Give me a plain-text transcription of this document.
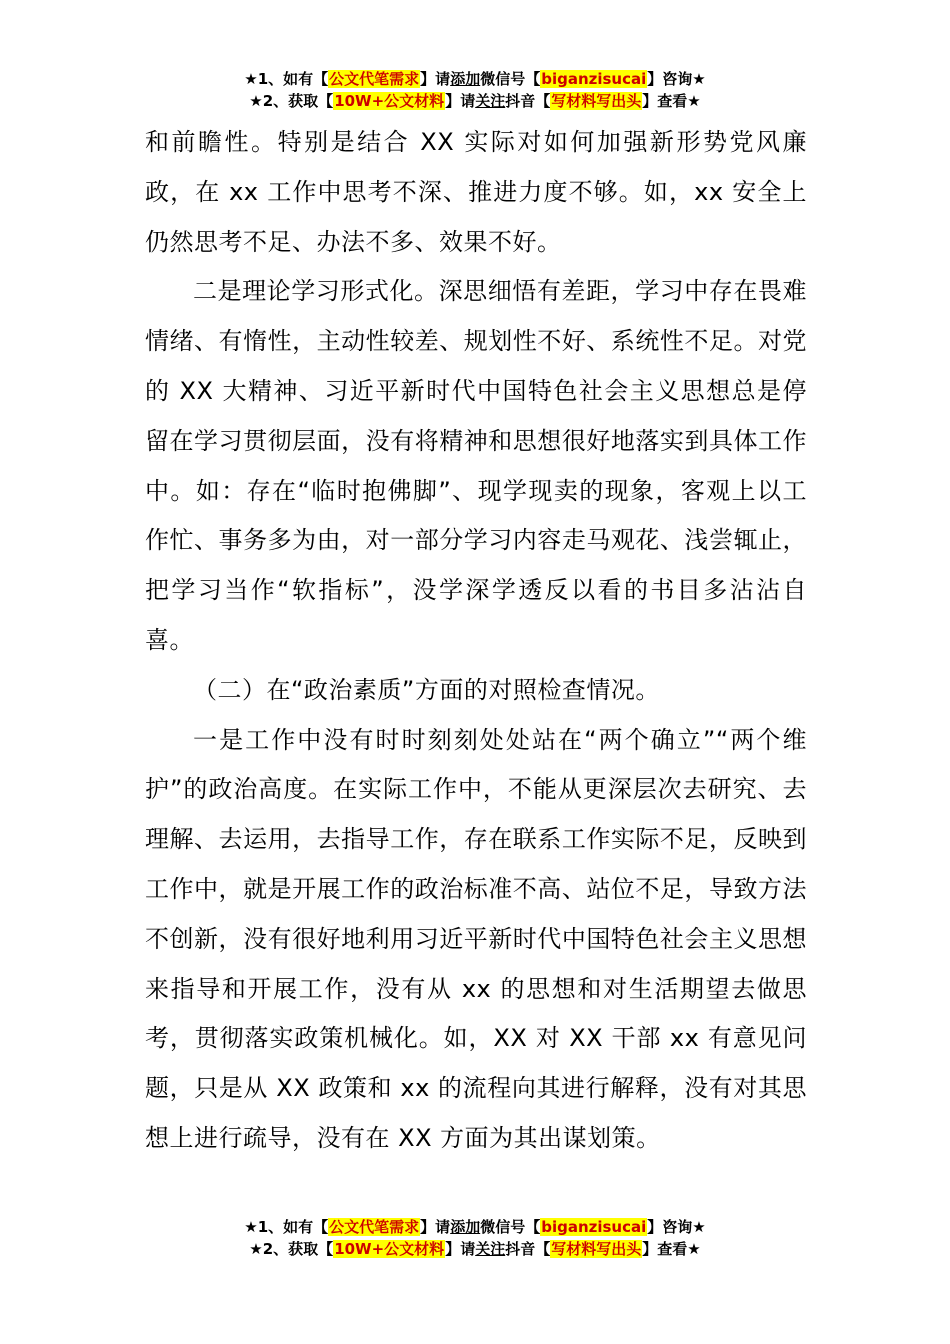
★1、如有【公文代笔需求】请添加微信号【biganzisucai】咨询★
★2、获取【10W+公文材料】请关注抖音【写材料写出头】查看★

和前瞻性。特别是结合 XX 实际对如何加强新形势党风廉政，在 xx 工作中思考不深、推进力度不够。如，xx 安全上仍然思考不足、办法不多、效果不好。

二是理论学习形式化。深思细悟有差距，学习中存在畏难情绪、有惰性，主动性较差、规划性不好、系统性不足。对党的 XX 大精神、习近平新时代中国特色社会主义思想总是停留在学习贯彻层面，没有将精神和思想很好地落实到具体工作中。如：存在“临时抱佛脚”、现学现卖的现象，客观上以工作忙、事务多为由，对一部分学习内容走马观花、浅尝辄止，把学习当作“软指标”，没学深学透反以看的书目多沾沾自喜。

（二）在“政治素质”方面的对照检查情况。

一是工作中没有时时刻刻处处站在“两个确立”“两个维护”的政治高度。在实际工作中，不能从更深层次去研究、去理解、去运用，去指导工作，存在联系工作实际不足，反映到工作中，就是开展工作的政治标准不高、站位不足，导致方法不创新，没有很好地利用习近平新时代中国特色社会主义思想来指导和开展工作，没有从 xx 的思想和对生活期望去做思考，贯彻落实政策机械化。如，XX 对 XX 干部 xx 有意见问题，只是从 XX 政策和 xx 的流程向其进行解释，没有对其思想上进行疏导，没有在 XX 方面为其出谋划策。

★1、如有【公文代笔需求】请添加微信号【biganzisucai】咨询★
★2、获取【10W+公文材料】请关注抖音【写材料写出头】查看★
